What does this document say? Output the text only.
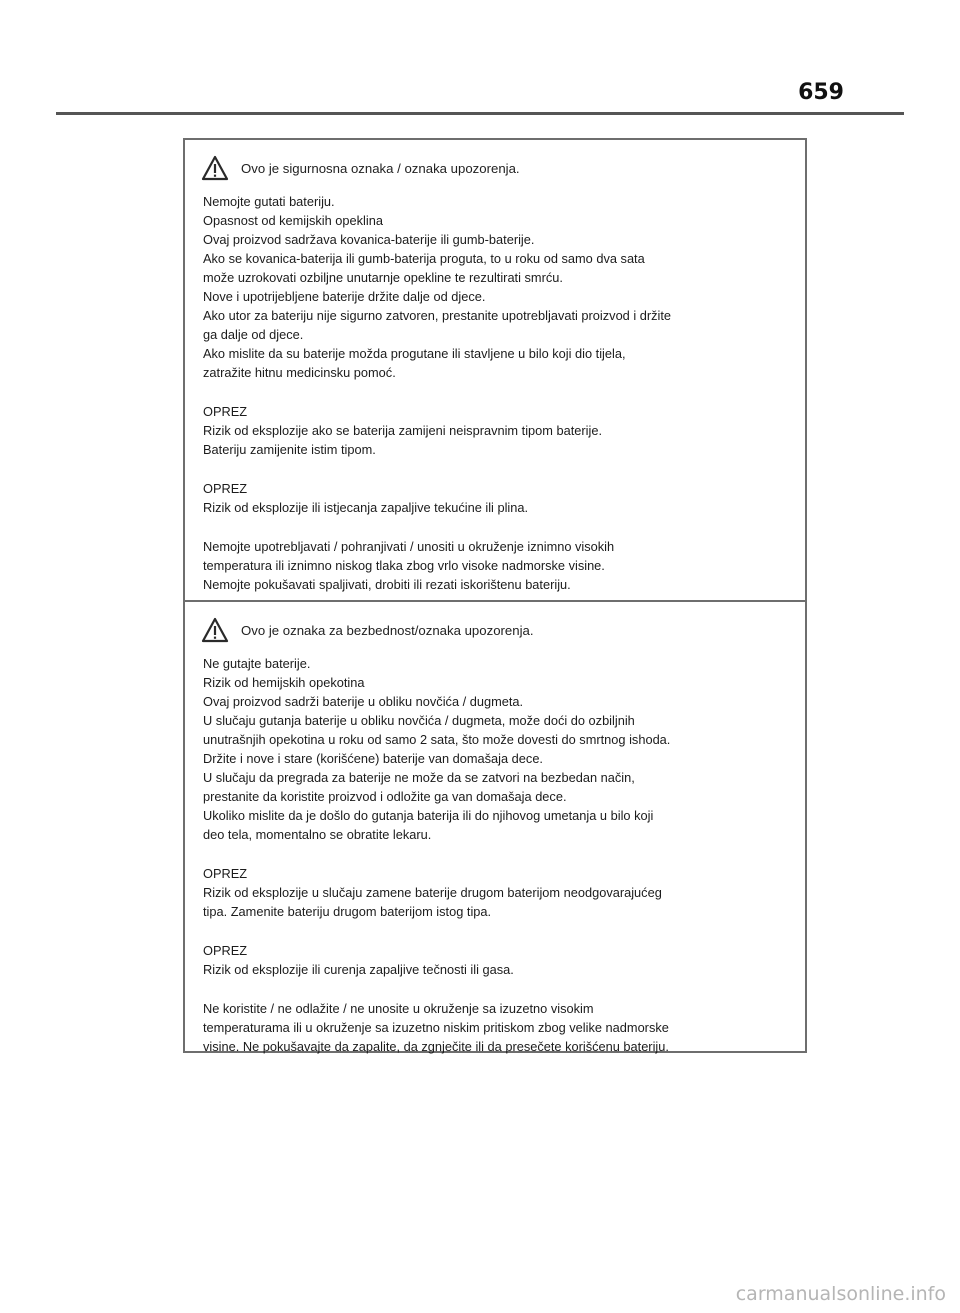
659
Ovo je sigurnosna oznaka / oznaka upozorenja.
Nemojte gutati bateriju.
Opasnost od kemijskih opeklina
Ovaj proizvod sadržava kovanica-baterije ili gumb-baterije.
Ako se kovanica-baterija ili gumb-baterija proguta, to u roku od samo dva sata
može uzrokovati ozbiljne unutarnje opekline te rezultirati smrću.
Nove i upotrijebljene baterije držite dalje od djece.
Ako utor za bateriju nije sigurno zatvoren, prestanite upotrebljavati proizvod i držite
ga dalje od djece.
Ako mislite da su baterije možda progutane ili stavljene u bilo koji dio tijela,
zatražite hitnu medicinsku pomoć.
OPREZ
Rizik od eksplozije ako se baterija zamijeni neispravnim tipom baterije.
Bateriju zamijenite istim tipom.
OPREZ
Rizik od eksplozije ili istjecanja zapaljive tekućine ili plina.
Nemojte upotrebljavati / pohranjivati / unositi u okruženje iznimno visokih
temperatura ili iznimno niskog tlaka zbog vrlo visoke nadmorske visine.
Nemojte pokušavati spaljivati, drobiti ili rezati iskorištenu bateriju.
Ovo je oznaka za bezbednost/oznaka upozorenja.
Ne gutajte baterije.
Rizik od hemijskih opekotina
Ovaj proizvod sadrži baterije u obliku novčića / dugmeta.
U slučaju gutanja baterije u obliku novčića / dugmeta, može doći do ozbiljnih
unutrašnjih opekotina u roku od samo 2 sata, što može dovesti do smrtnog ishoda.
Držite i nove i stare (korišćene) baterije van domašaja dece.
U slučaju da pregrada za baterije ne može da se zatvori na bezbedan način,
prestanite da koristite proizvod i odložite ga van domašaja dece.
Ukoliko mislite da je došlo do gutanja baterija ili do njihovog umetanja u bilo koji
deo tela, momentalno se obratite lekaru.
OPREZ
Rizik od eksplozije u slučaju zamene baterije drugom baterijom neodgovarajućeg
tipa. Zamenite bateriju drugom baterijom istog tipa.
OPREZ
Rizik od eksplozije ili curenja zapaljive tečnosti ili gasa.
Ne koristite / ne odlažite / ne unosite u okruženje sa izuzetno visokim
temperaturama ili u okruženje sa izuzetno niskim pritiskom zbog velike nadmorske
visine. Ne pokušavajte da zapalite, da zgnječite ili da presečete korišćenu bateriju.
carmanualsonline.info
